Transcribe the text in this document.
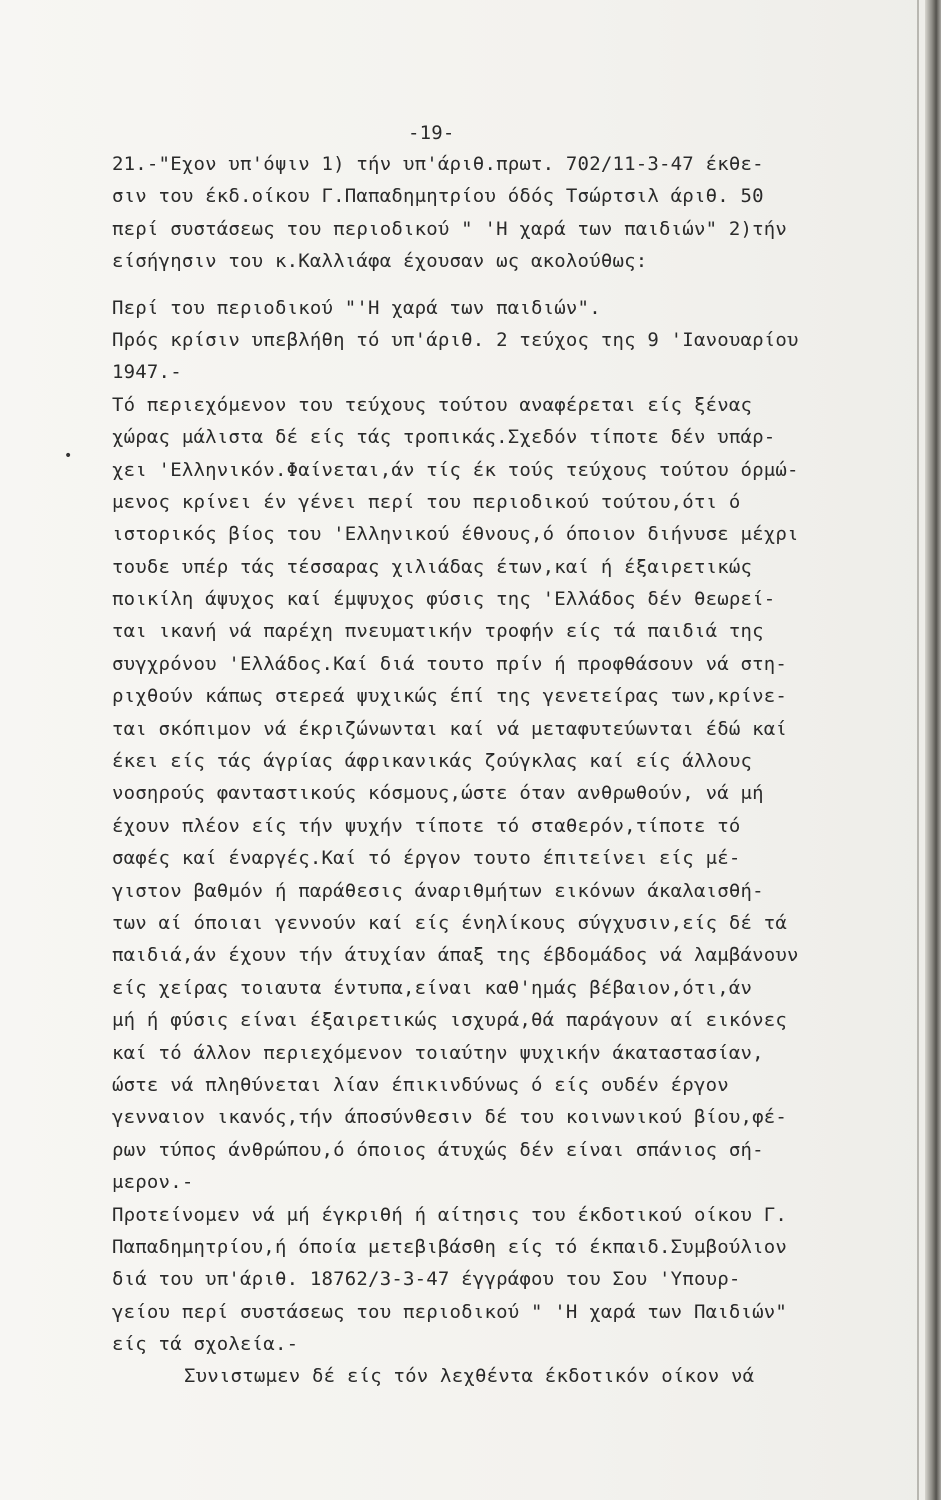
•
-19-
21.-"Εχον υπ'όψιν 1) τήν υπ'άριθ.πρωτ. 702/11-3-47 έκθε-
σιν του έκδ.οίκου Γ.Παπαδημητρίου όδός Τσώρτσιλ άριθ. 50
περί συστάσεως του περιοδικού " 'Η χαρά των παιδιών" 2)τήν
είσήγησιν του κ.Καλλιάφα έχουσαν ως ακολούθως:
Περί του περιοδικού "'Η χαρά των παιδιών".
Πρός κρίσιν υπεβλήθη τό υπ'άριθ. 2 τεύχος της 9 'Ιανουαρίου
1947.-
Τό περιεχόμενον του τεύχους τούτου αναφέρεται είς ξένας
χώρας μάλιστα δέ είς τάς τροπικάς.Σχεδόν τίποτε δέν υπάρ-
χει 'Ελληνικόν.Φαίνεται,άν τίς έκ τούς τεύχους τούτου όρμώ-
μενος κρίνει έν γένει περί του περιοδικού τούτου,ότι ό
ιστορικός βίος του 'Ελληνικού έθνους,ό όποιον διήνυσε μέχρι
τουδε υπέρ τάς τέσσαρας χιλιάδας έτων,καί ή έξαιρετικώς
ποικίλη άψυχος καί έμψυχος φύσις της 'Ελλάδος δέν θεωρεί-
ται ικανή νά παρέχη πνευματικήν τροφήν είς τά παιδιά της
συγχρόνου 'Ελλάδος.Καί διά τουτο πρίν ή προφθάσουν νά στη-
ριχθούν κάπως στερεά ψυχικώς έπί της γενετείρας των,κρίνε-
ται σκόπιμον νά έκριζώνωνται καί νά μεταφυτεύωνται έδώ καί
έκει είς τάς άγρίας άφρικανικάς ζούγκλας καί είς άλλους
νοσηρούς φανταστικούς κόσμους,ώστε όταν ανθρωθούν, νά μή
έχουν πλέον είς τήν ψυχήν τίποτε τό σταθερόν,τίποτε τό
σαφές καί έναργές.Καί τό έργον τουτο έπιτείνει είς μέ-
γιστον βαθμόν ή παράθεσις άναριθμήτων εικόνων άκαλαισθή-
των αί όποιαι γεννούν καί είς ένηλίκους σύγχυσιν,είς δέ τά
παιδιά,άν έχουν τήν άτυχίαν άπαξ της έβδομάδος νά λαμβάνουν
είς χείρας τοιαυτα έντυπα,είναι καθ'ημάς βέβαιον,ότι,άν
μή ή φύσις είναι έξαιρετικώς ισχυρά,θά παράγουν αί εικόνες
καί τό άλλον περιεχόμενον τοιαύτην ψυχικήν άκαταστασίαν,
ώστε νά πληθύνεται λίαν έπικινδύνως ό είς ουδέν έργον
γενναιον ικανός,τήν άποσύνθεσιν δέ του κοινωνικού βίου,φέ-
ρων τύπος άνθρώπου,ό όποιος άτυχώς δέν είναι σπάνιος σή-
μερον.-
Προτείνομεν νά μή έγκριθή ή αίτησις του έκδοτικού οίκου Γ.
Παπαδημητρίου,ή όποία μετεβιβάσθη είς τό έκπαιδ.Συμβούλιον
διά του υπ'άριθ. 18762/3-3-47 έγγράφου του Σου 'Υπουρ-
γείου περί συστάσεως του περιοδικού " 'Η χαρά των Παιδιών"
είς τά σχολεία.-
Συνιστωμεν δέ είς τόν λεχθέντα έκδοτικόν οίκον νά
